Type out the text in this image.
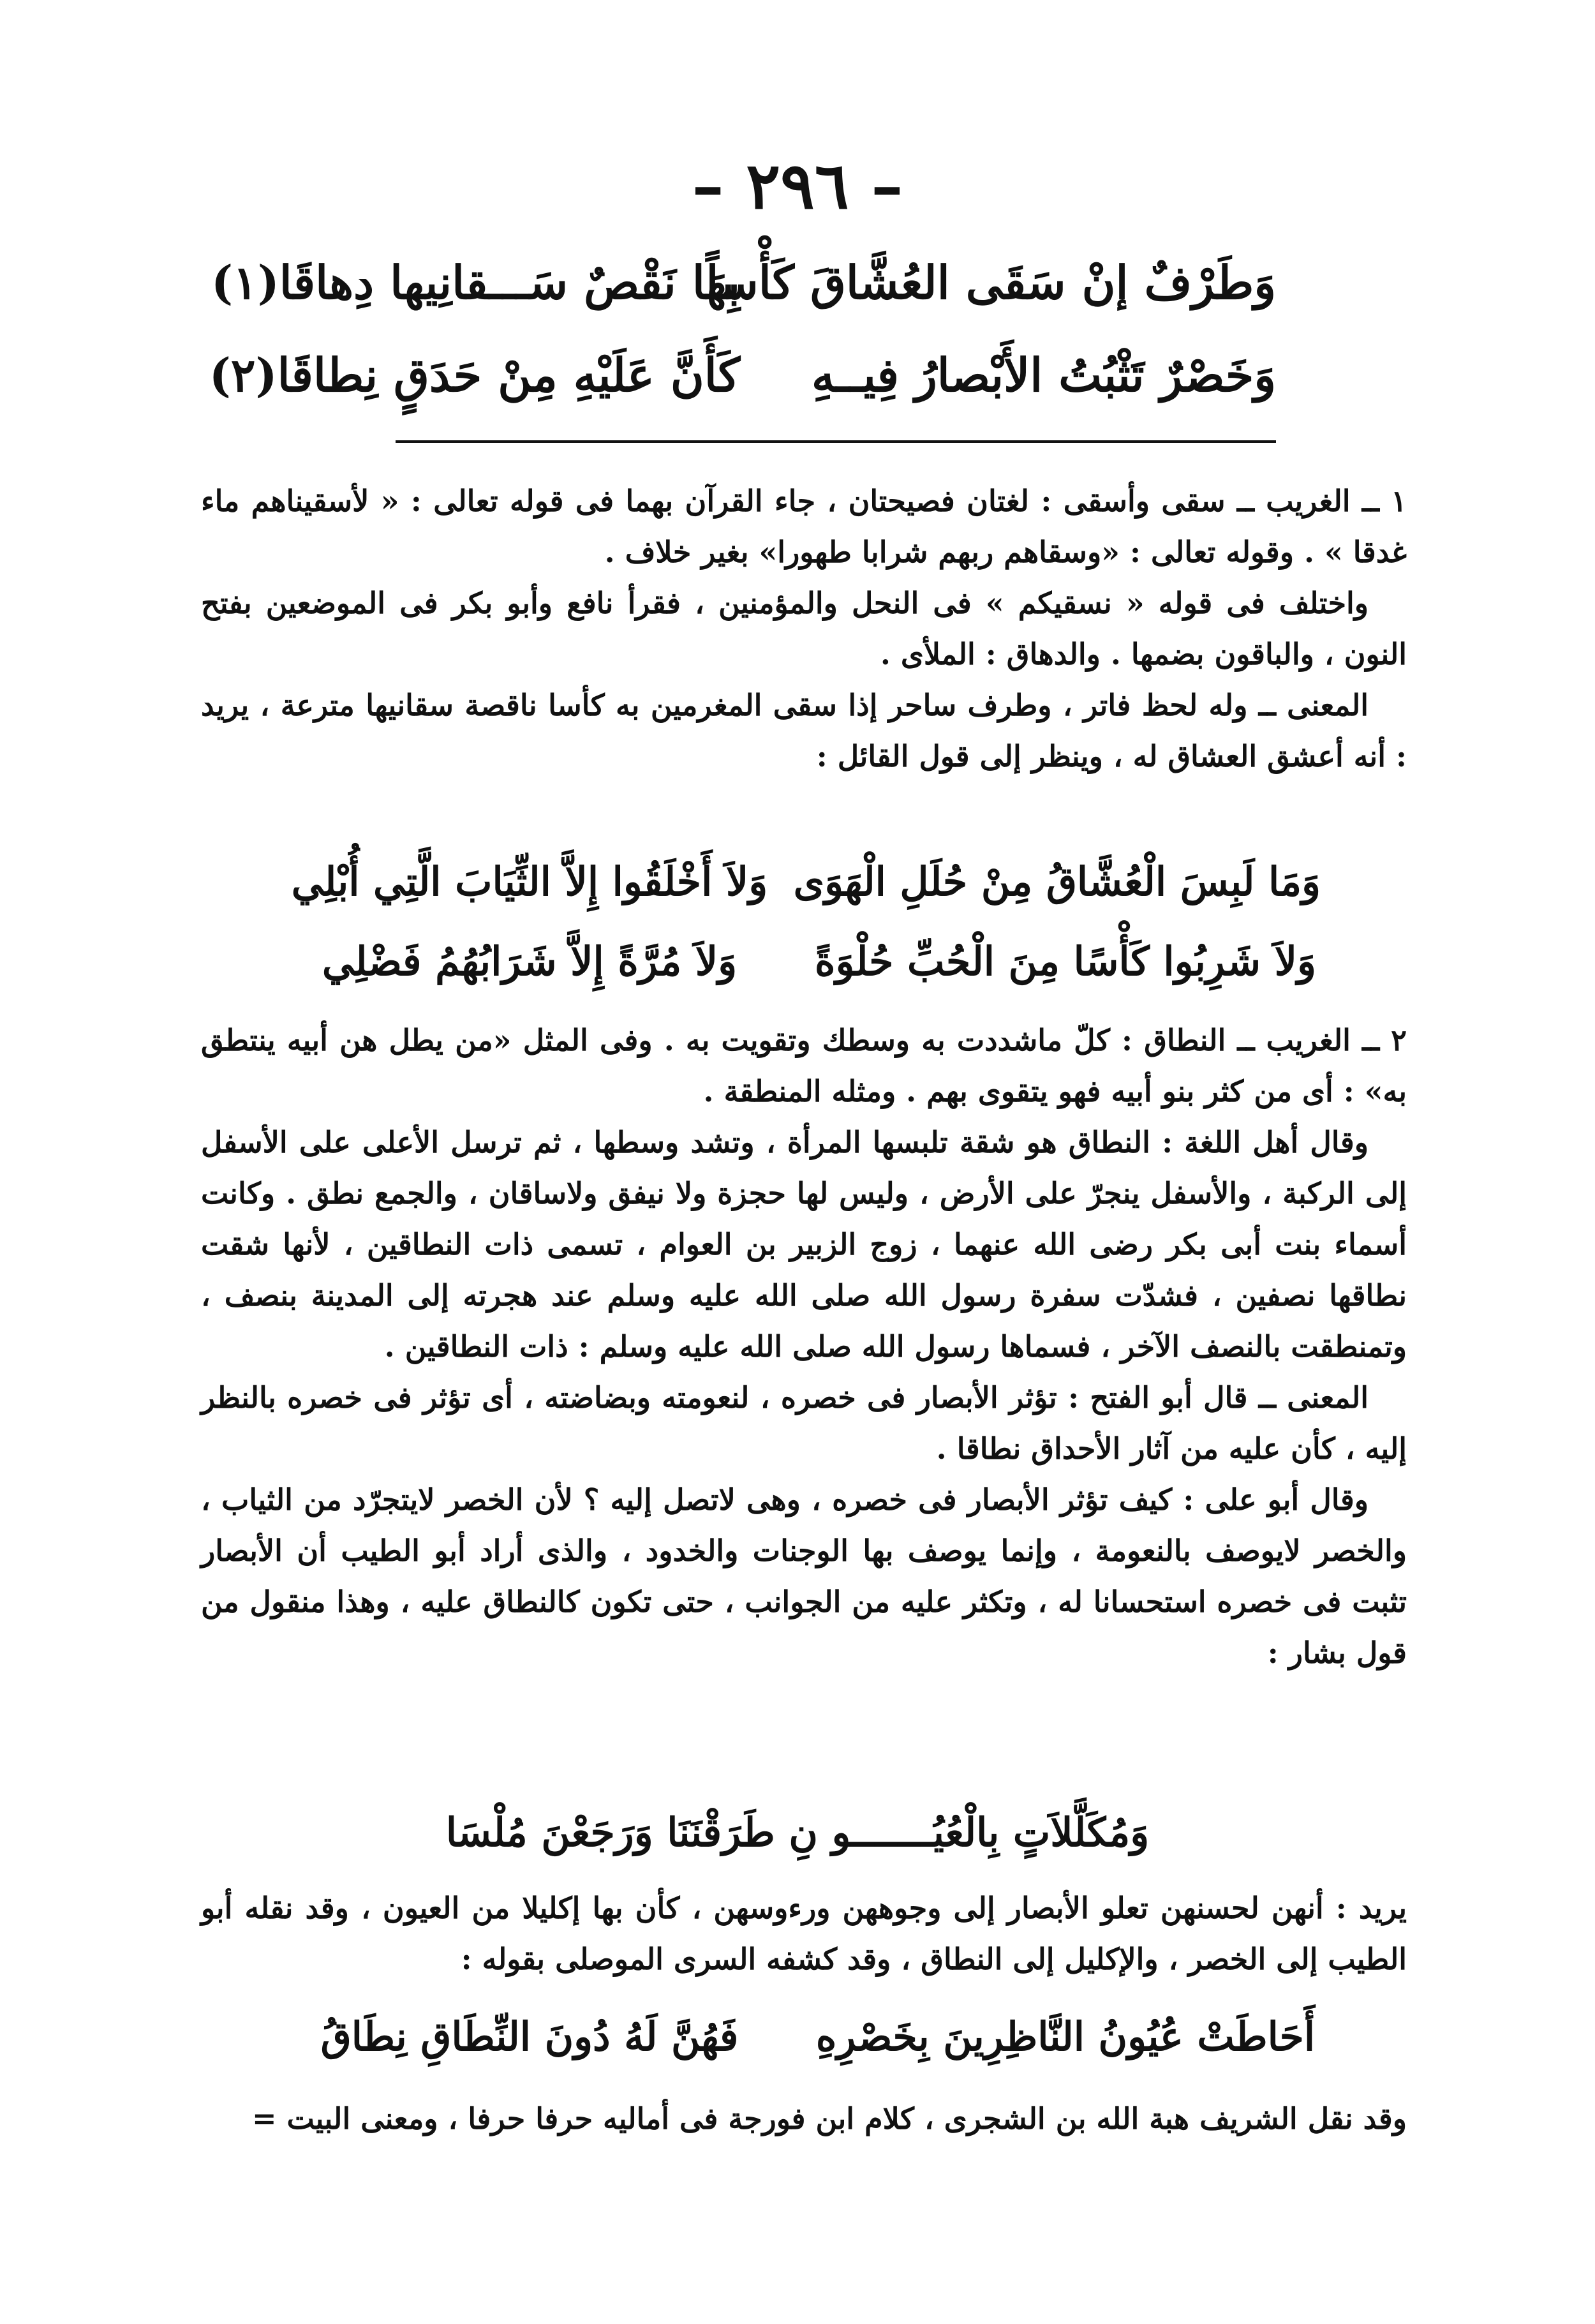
– ٢٩٦ –
وَطَرْفٌ إنْ سَقَى العُشَّاقَ كَأْساً
بِهَا نَقْصٌ سَـــقانِيها دِهاقَا(١)
وَخَصْرٌ تَثْبُتُ الأَبْصارُ فِيــهِ
كَأَنَّ عَلَيْهِ مِنْ حَدَقٍ نِطاقَا(٢)

١ ــ الغريب ــ سقى وأسقى : لغتان فصيحتان ، جاء القرآن بهما فى قوله تعالى : « لأسقيناهم ماء غدقا » . وقوله تعالى : «وسقاهم ربهم شرابا طهورا» بغير خلاف .

واختلف فى قوله « نسقيكم » فى النحل والمؤمنين ، فقرأ نافع وأبو بكر فى الموضعين بفتح النون ، والباقون بضمها . والدهاق : الملأى .

المعنى ــ وله لحظ فاتر ، وطرف ساحر إذا سقى المغرمين به كأسا ناقصة سقانيها مترعة ، يريد : أنه أعشق العشاق له ، وينظر إلى قول القائل :

وَمَا لَبِسَ الْعُشَّاقُ مِنْ حُلَلِ الْهَوَى
وَلاَ أَخْلَقُوا إِلاَّ الثِّيَابَ الَّتِي أُبْلِي
وَلاَ شَرِبُوا كَأْسًا مِنَ الْحُبِّ حُلْوَةً
وَلاَ مُرَّةً إِلاَّ شَرَابُهُمُ فَضْلِي

٢ ــ الغريب ــ النطاق : كلّ ماشددت به وسطك وتقويت به . وفى المثل «من يطل هن أبيه ينتطق به» : أى من كثر بنو أبيه فهو يتقوى بهم . ومثله المنطقة .

وقال أهل اللغة : النطاق هو شقة تلبسها المرأة ، وتشد وسطها ، ثم ترسل الأعلى على الأسفل إلى الركبة ، والأسفل ينجرّ على الأرض ، وليس لها حجزة ولا نيفق ولاساقان ، والجمع نطق . وكانت أسماء بنت أبى بكر رضى الله عنهما ، زوج الزبير بن العوام ، تسمى ذات النطاقين ، لأنها شقت نطاقها نصفين ، فشدّت سفرة رسول الله صلى الله عليه وسلم عند هجرته إلى المدينة بنصف ، وتمنطقت بالنصف الآخر ، فسماها رسول الله صلى الله عليه وسلم : ذات النطاقين .

المعنى ــ قال أبو الفتح : تؤثر الأبصار فى خصره ، لنعومته وبضاضته ، أى تؤثر فى خصره بالنظر إليه ، كأن عليه من آثار الأحداق نطاقا .

وقال أبو على : كيف تؤثر الأبصار فى خصره ، وهى لاتصل إليه ؟ لأن الخصر لايتجرّد من الثياب ، والخصر لايوصف بالنعومة ، وإنما يوصف بها الوجنات والخدود ، والذى أراد أبو الطيب أن الأبصار تثبت فى خصره استحسانا له ، وتكثر عليه من الجوانب ، حتى تكون كالنطاق عليه ، وهذا منقول من قول بشار :

وَمُكَلَّلاَتٍ بِالْعُيُـــــــو نِ طَرَقْنَنَا وَرَجَعْنَ مُلْسَا

يريد : أنهن لحسنهن تعلو الأبصار إلى وجوههن ورءوسهن ، كأن بها إكليلا من العيون ، وقد نقله أبو الطيب إلى الخصر ، والإكليل إلى النطاق ، وقد كشفه السرى الموصلى بقوله :

أَحَاطَتْ عُيُونُ النَّاظِرِينَ بِخَصْرِهِ
فَهُنَّ لَهُ دُونَ النِّطَاقِ نِطَاقُ

وقد نقل الشريف هبة الله بن الشجرى ، كلام ابن فورجة فى أماليه حرفا حرفا ، ومعنى البيت =
